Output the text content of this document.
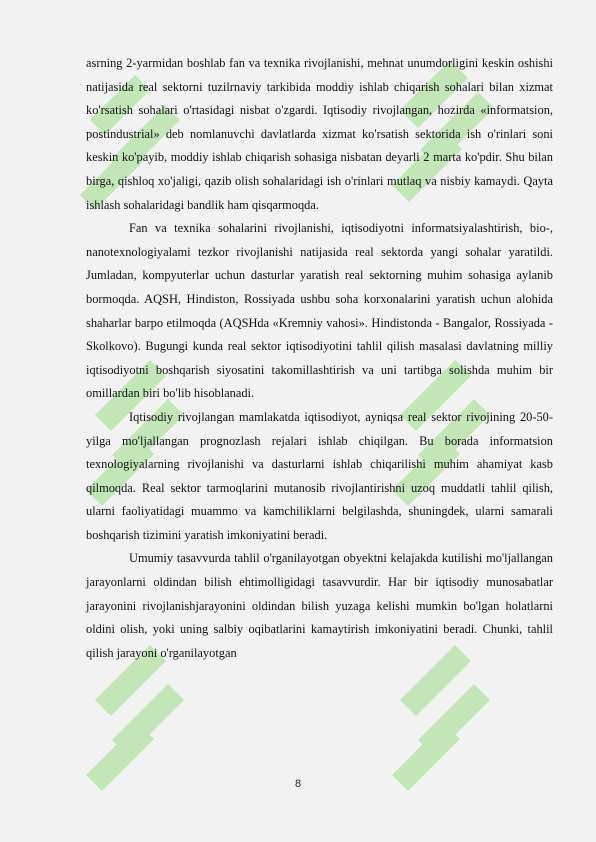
asrning 2-yarmidan boshlab fan va texnika rivojlanishi, mehnat unumdorligini keskin oshishi natijasida real sektorni tuzilrnaviy tarkibida moddiy ishlab chiqarish sohalari bilan xizmat ko'rsatish sohalari o'rtasidagi nisbat o'zgardi. Iqtisodiy rivojlangan, hozirda «informatsion, postindustrial» deb nomlanuvchi davlatlarda xizmat ko'rsatish sektorida ish o'rinlari soni keskin ko'payib, moddiy ishlab chiqarish sohasiga nisbatan deyarli 2 marta ko'pdir. Shu bilan birga, qishloq xo'jaligi, qazib olish sohalaridagi ish o'rinlari mutlaq va nisbiy kamaydi. Qayta ishlash sohalaridagi bandlik ham qisqarmoqda.

Fan va texnika sohalarini rivojlanishi, iqtisodiyotni informatsiyalashtirish, bio-, nanotexnologiyalami tezkor rivojlanishi natijasida real sektorda yangi sohalar yaratildi. Jumladan, kompyuterlar uchun dasturlar yaratish real sektorning muhim sohasiga aylanib bormoqda. AQSH, Hindiston, Rossiyada ushbu soha korxonalarini yaratish uchun alohida shaharlar barpo etilmoqda (AQSHda «Kremniy vahosi». Hindistonda - Bangalor, Rossiyada - Skolkovo). Bugungi kunda real sektor iqtisodiyotini tahlil qilish masalasi davlatning milliy iqtisodiyotni boshqarish siyosatini takomillashtirish va uni tartibga solishda muhim bir omillardan biri bo'lib hisoblanadi.

Iqtisodiy rivojlangan mamlakatda iqtisodiyot, ayniqsa real sektor rivojining 20-50-yilga mo'ljallangan prognozlash rejalari ishlab chiqilgan. Bu borada informatsion texnologiyalarning rivojlanishi va dasturlarni ishlab chiqarilishi muhim ahamiyat kasb qilmoqda. Real sektor tarmoqlarini mutanosib rivojlantirishni uzoq muddatli tahlil qilish, ularni faoliyatidagi muammo va kamchiliklarni belgilashda, shuningdek, ularni samarali boshqarish tizimini yaratish imkoniyatini beradi.

Umumiy tasavvurda tahlil o'rganilayotgan obyektni kelajakda kutilishi mo'ljallangan jarayonlarni oldindan bilish ehtimolligidagi tasavvurdir. Har bir iqtisodiy munosabatlar jarayonini rivojlanishjarayonini oldindan bilish yuzaga kelishi mumkin bo'lgan holatlarni oldini olish, yoki uning salbiy oqibatlarini kamaytirish imkoniyatini beradi. Chunki, tahlil qilish jarayoni o'rganilayotgan

8
